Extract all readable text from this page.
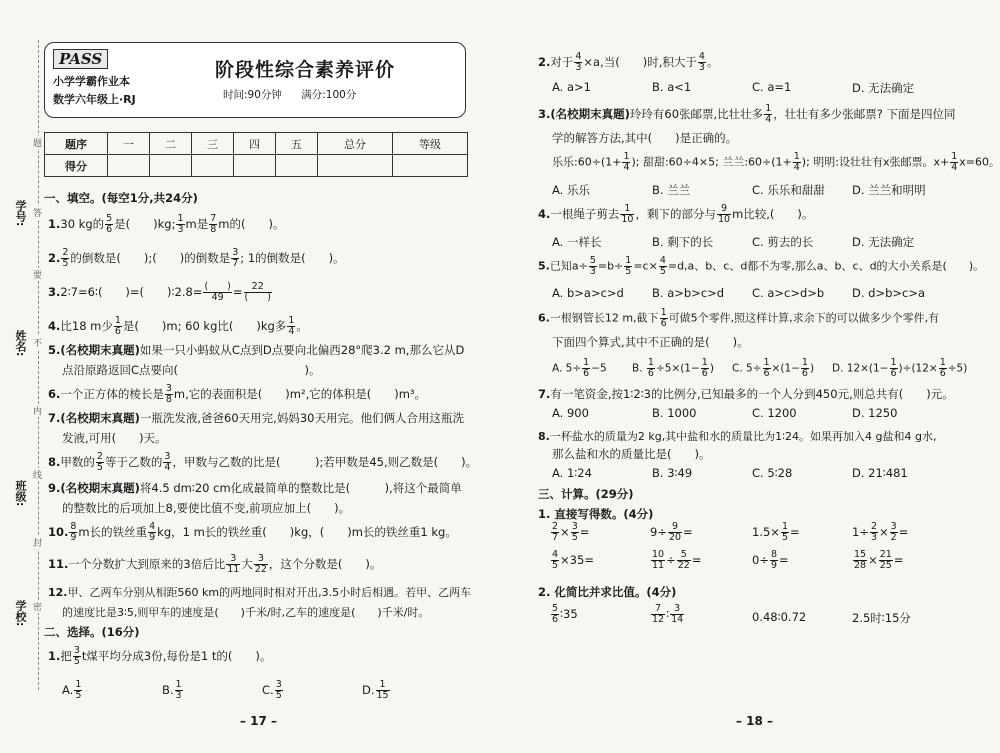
学号:
姓名:
班级:
学校:
题
答
要
不
内
线
封
密
PASS
小学学霸作业本
数学六年级上·RJ
阶段性综合素养评价
时间:90分钟 满分:100分
题序	一	二	三	四	五	总分	等级
得分							
一、填空。(每空1分,共24分)
1.30 kg的 $\frac{5}{6}$ 是(　　)kg; $\frac{1}{3}$ m是 $\frac{7}{8}$ m的(　　)。
2. $\frac{2}{5}$ 的倒数是(　　);(　　)的倒数是 $\frac{3}{7}$ ; 1的倒数是(　　)。
3.2∶7=6∶(　　)=(　　)∶2.8= $\frac{( )}{49} = \frac{22}{( )}$
4.比18 m少 $\frac{1}{6}$ 是(　　)m; 60 kg比(　　)kg多 $\frac{1}{4}$ 。
5.(名校期末真题)如果一只小蚂蚁从C点到D点要向北偏西28°爬3.2 m,那么它从D
点沿原路返回C点要向(　　　　　　　　　　　)。
6.一个正方体的棱长是 $\frac{3}{8} m$,它的表面积是(　　)m²,它的体积是(　　)m³。
7.(名校期末真题)一瓶洗发液,爸爸60天用完,妈妈30天用完。他们俩人合用这瓶洗
发液,可用(　　)天。
8.甲数的 $\frac{2}{5}$ 等于乙数的 $\frac{3}{4}$ ，甲数与乙数的比是(　　　);若甲数是45,则乙数是(　　)。
9.(名校期末真题)将4.5 dm∶20 cm化成最简单的整数比是(　　　),将这个最简单
的整数比的后项加上8,要使比值不变,前项应加上(　　)。
10. $\frac{8}{9}$ m长的铁丝重 $\frac{4}{9}$ kg，1 m长的铁丝重(　　)kg，(　　)m长的铁丝重1 kg。
11.一个分数扩大到原来的3倍后比 $\frac{3}{11}$ 大 $\frac{3}{22}$ ，这个分数是(　　)。
12.甲、乙两车分别从相距560 km的两地同时相对开出,3.5小时后相遇。若甲、乙两车
的速度比是3∶5,则甲车的速度是(　　)千米/时,乙车的速度是(　　)千米/时。
二、选择。(16分)
1.把 $\frac{3}{5}$ t煤平均分成3份,每份是1 t的(　　)。
A. $\frac{1}{5}$	B. $\frac{1}{3}$	C. $\frac{3}{5}$	D. $\frac{1}{15}$
– 17 –
2.对于 $\frac{4}{3} \times a$,当(　　)时,积大于 $\frac{4}{3}$ 。
A. a>1	B. a<1	C. a=1	D. 无法确定
3.(名校期末真题)玲玲有60张邮票,比壮壮多 $\frac{1}{4}$ ，壮壮有多少张邮票? 下面是四位同
学的解答方法,其中(　　)是正确的。
乐乐:60÷(1+ $\frac{1}{4}$ ); 甜甜:60÷4×5; 兰兰:60÷(1+ $\frac{1}{4}$ ); 明明:设壮壮有x张邮票。$x+ \frac{1}{4} x=60$。
A. 乐乐	B. 兰兰	C. 乐乐和甜甜 D. 兰兰和明明
4.一根绳子剪去 $\frac{1}{10}$ ，剩下的部分与 $\frac{9}{10}$ m比较,(　　)。
A. 一样长	B. 剩下的长	C. 剪去的长	D. 无法确定
5.已知$a\div \frac{5}{3} =b\div \frac{1}{5} =c\times \frac{4}{5} =d,a$、b、c、d都不为零,那么a、b、c、d的大小关系是(　　)。
A. b>a>c>d B. a>b>c>d C. a>c>d>b D. d>b>c>a
6.一根钢管长12 m,截下 $\frac{1}{6}$ 可做5个零件,照这样计算,求余下的可以做多少个零件,有
下面四个算式,其中不正确的是(　　)。
A. $5\div \frac{1}{6} -5$ B. $\frac{1}{6} \div 5\times(1- \frac{1}{6}$ ) C. $5\div \frac{1}{6} \times(1- \frac{1}{6}$ ) D. $12\times(1- \frac{1}{6} )\div(12\times \frac{1}{6} \div 5)$
7.有一笔资金,按1∶2∶3的比例分,已知最多的一个人分到450元,则总共有(　　)元。
A. 900	B. 1000	C. 1200	D. 1250
8.一杯盐水的质量为2 kg,其中盐和水的质量比为1∶24。如果再加入4 g盐和4 g水,
那么盐和水的质量比是(　　)。
A. 1∶24	B. 3∶49	C. 5∶28	D. 21∶481
三、计算。(29分)
1. 直接写得数。(4分)
$\frac{2}{7} \times \frac{3}{5}$ =	$9\div \frac{9}{20}$ =	$1.5\times \frac{1}{5}$ =	$1\div \frac{2}{3} \times \frac{3}{2}$ =
$\frac{4}{5} \times 35=$	$\frac{10}{11} \div \frac{5}{22}$ =	$0\div \frac{8}{9}$ =	$\frac{15}{28} \times \frac{21}{25}$ =
2. 化简比并求比值。(4分)
$\frac{5}{6}$ ∶35	$\frac{7}{12}$ ∶ $\frac{3}{14}$	0.48∶0.72	2.5时∶15分
– 18 –
